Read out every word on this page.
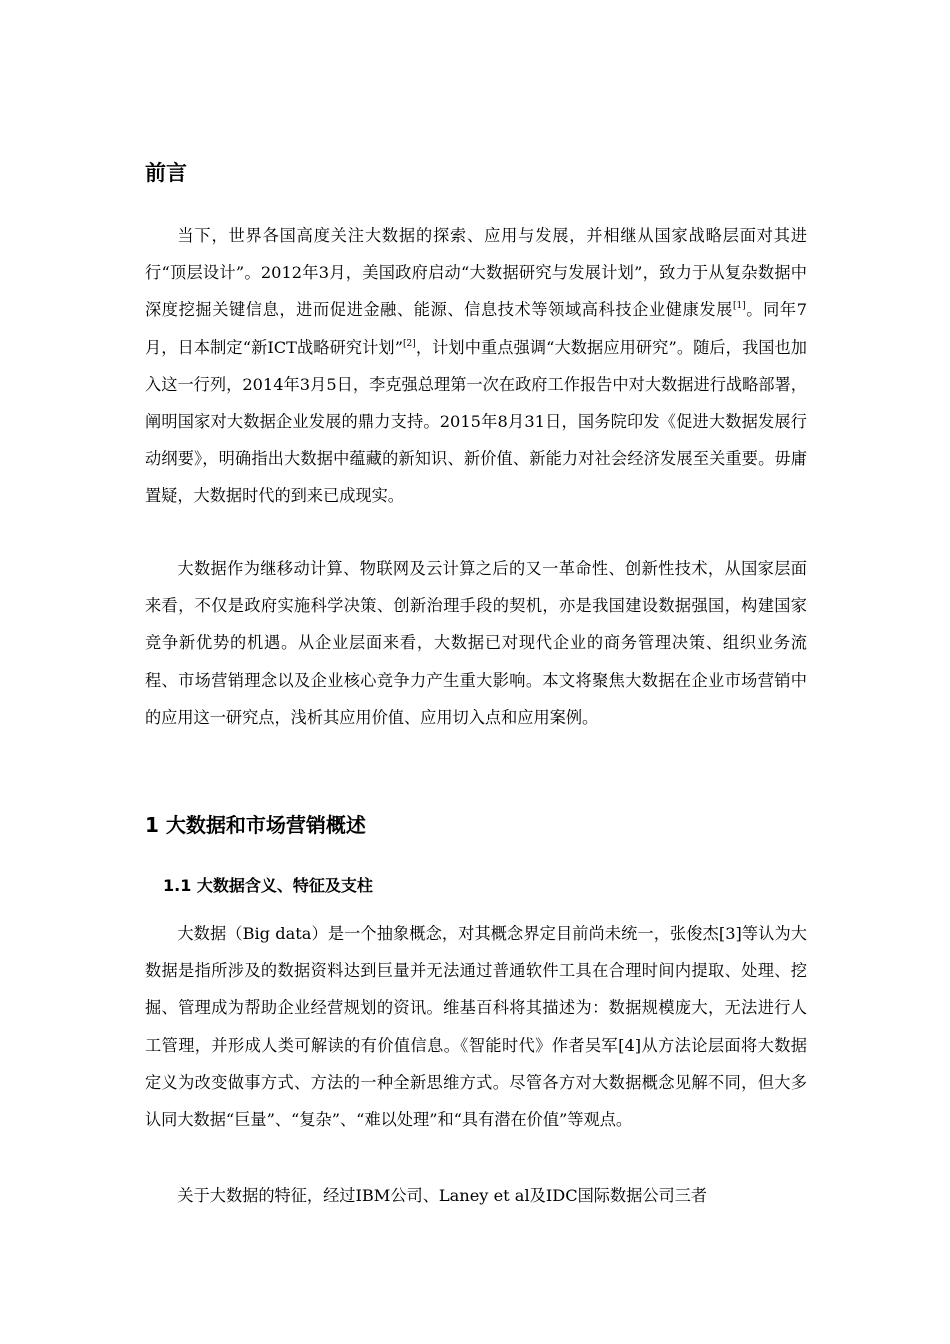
前言

当下，世界各国高度关注大数据的探索、应用与发展，并相继从国家战略层面对其进行“顶层设计”。2012年3月，美国政府启动“大数据研究与发展计划”，致力于从复杂数据中深度挖掘关键信息，进而促进金融、能源、信息技术等领域高科技企业健康发展[1]。同年7月，日本制定“新ICT战略研究计划”[2]，计划中重点强调“大数据应用研究”。随后，我国也加入这一行列，2014年3月5日，李克强总理第一次在政府工作报告中对大数据进行战略部署，阐明国家对大数据企业发展的鼎力支持。2015年8月31日，国务院印发《促进大数据发展行动纲要》，明确指出大数据中蕴藏的新知识、新价值、新能力对社会经济发展至关重要。毋庸置疑，大数据时代的到来已成现实。

大数据作为继移动计算、物联网及云计算之后的又一革命性、创新性技术，从国家层面来看，不仅是政府实施科学决策、创新治理手段的契机，亦是我国建设数据强国，构建国家竞争新优势的机遇。从企业层面来看，大数据已对现代企业的商务管理决策、组织业务流程、市场营销理念以及企业核心竞争力产生重大影响。本文将聚焦大数据在企业市场营销中的应用这一研究点，浅析其应用价值、应用切入点和应用案例。

1 大数据和市场营销概述
1.1 大数据含义、特征及支柱

大数据（Big data）是一个抽象概念，对其概念界定目前尚未统一，张俊杰[3]等认为大数据是指所涉及的数据资料达到巨量并无法通过普通软件工具在合理时间内提取、处理、挖掘、管理成为帮助企业经营规划的资讯。维基百科将其描述为：数据规模庞大，无法进行人工管理，并形成人类可解读的有价值信息。《智能时代》作者吴军[4]从方法论层面将大数据定义为改变做事方式、方法的一种全新思维方式。尽管各方对大数据概念见解不同，但大多认同大数据“巨量”、“复杂”、“难以处理”和“具有潜在价值”等观点。

关于大数据的特征，经过IBM公司、Laney et al及IDC国际数据公司三者
